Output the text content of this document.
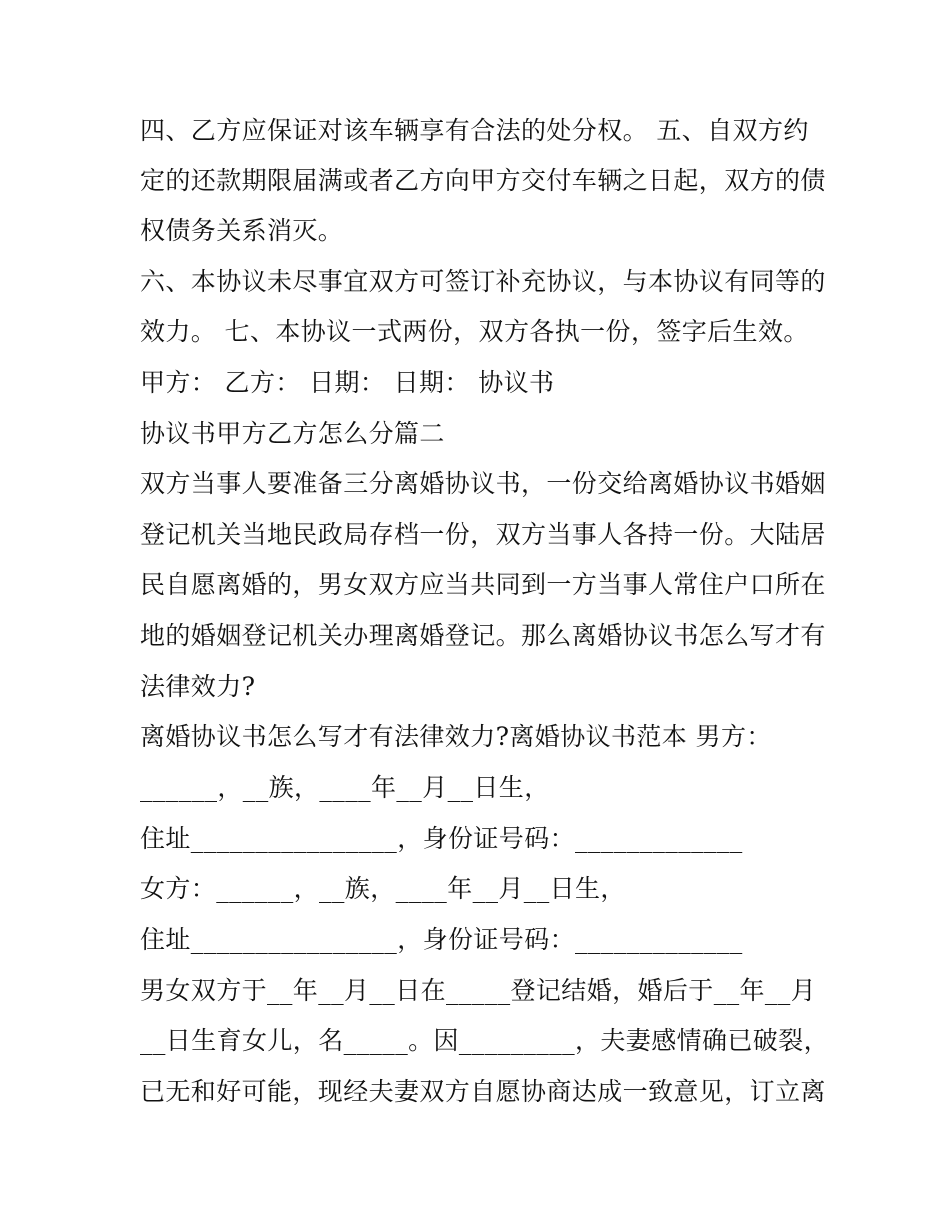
四、乙方应保证对该车辆享有合法的处分权。 五、自双方约
定的还款期限届满或者乙方向甲方交付车辆之日起，双方的债
权债务关系消灭。
六、本协议未尽事宜双方可签订补充协议，与本协议有同等的
效力。 七、本协议一式两份，双方各执一份，签字后生效。
甲方： 乙方： 日期： 日期： 协议书
协议书甲方乙方怎么分篇二
双方当事人要准备三分离婚协议书，一份交给离婚协议书婚姻
登记机关当地民政局存档一份，双方当事人各持一份。大陆居
民自愿离婚的，男女双方应当共同到一方当事人常住户口所在
地的婚姻登记机关办理离婚登记。那么离婚协议书怎么写才有
法律效力?
离婚协议书怎么写才有法律效力?离婚协议书范本 男方：
______，__族，____年__月__日生，
住址________________，身份证号码：_____________
女方：______，__族，____年__月__日生，
住址________________，身份证号码：_____________
男女双方于__年__月__日在_____登记结婚，婚后于__年__月
__日生育女儿，名_____。因_________，夫妻感情确已破裂，
已无和好可能，现经夫妻双方自愿协商达成一致意见，订立离
